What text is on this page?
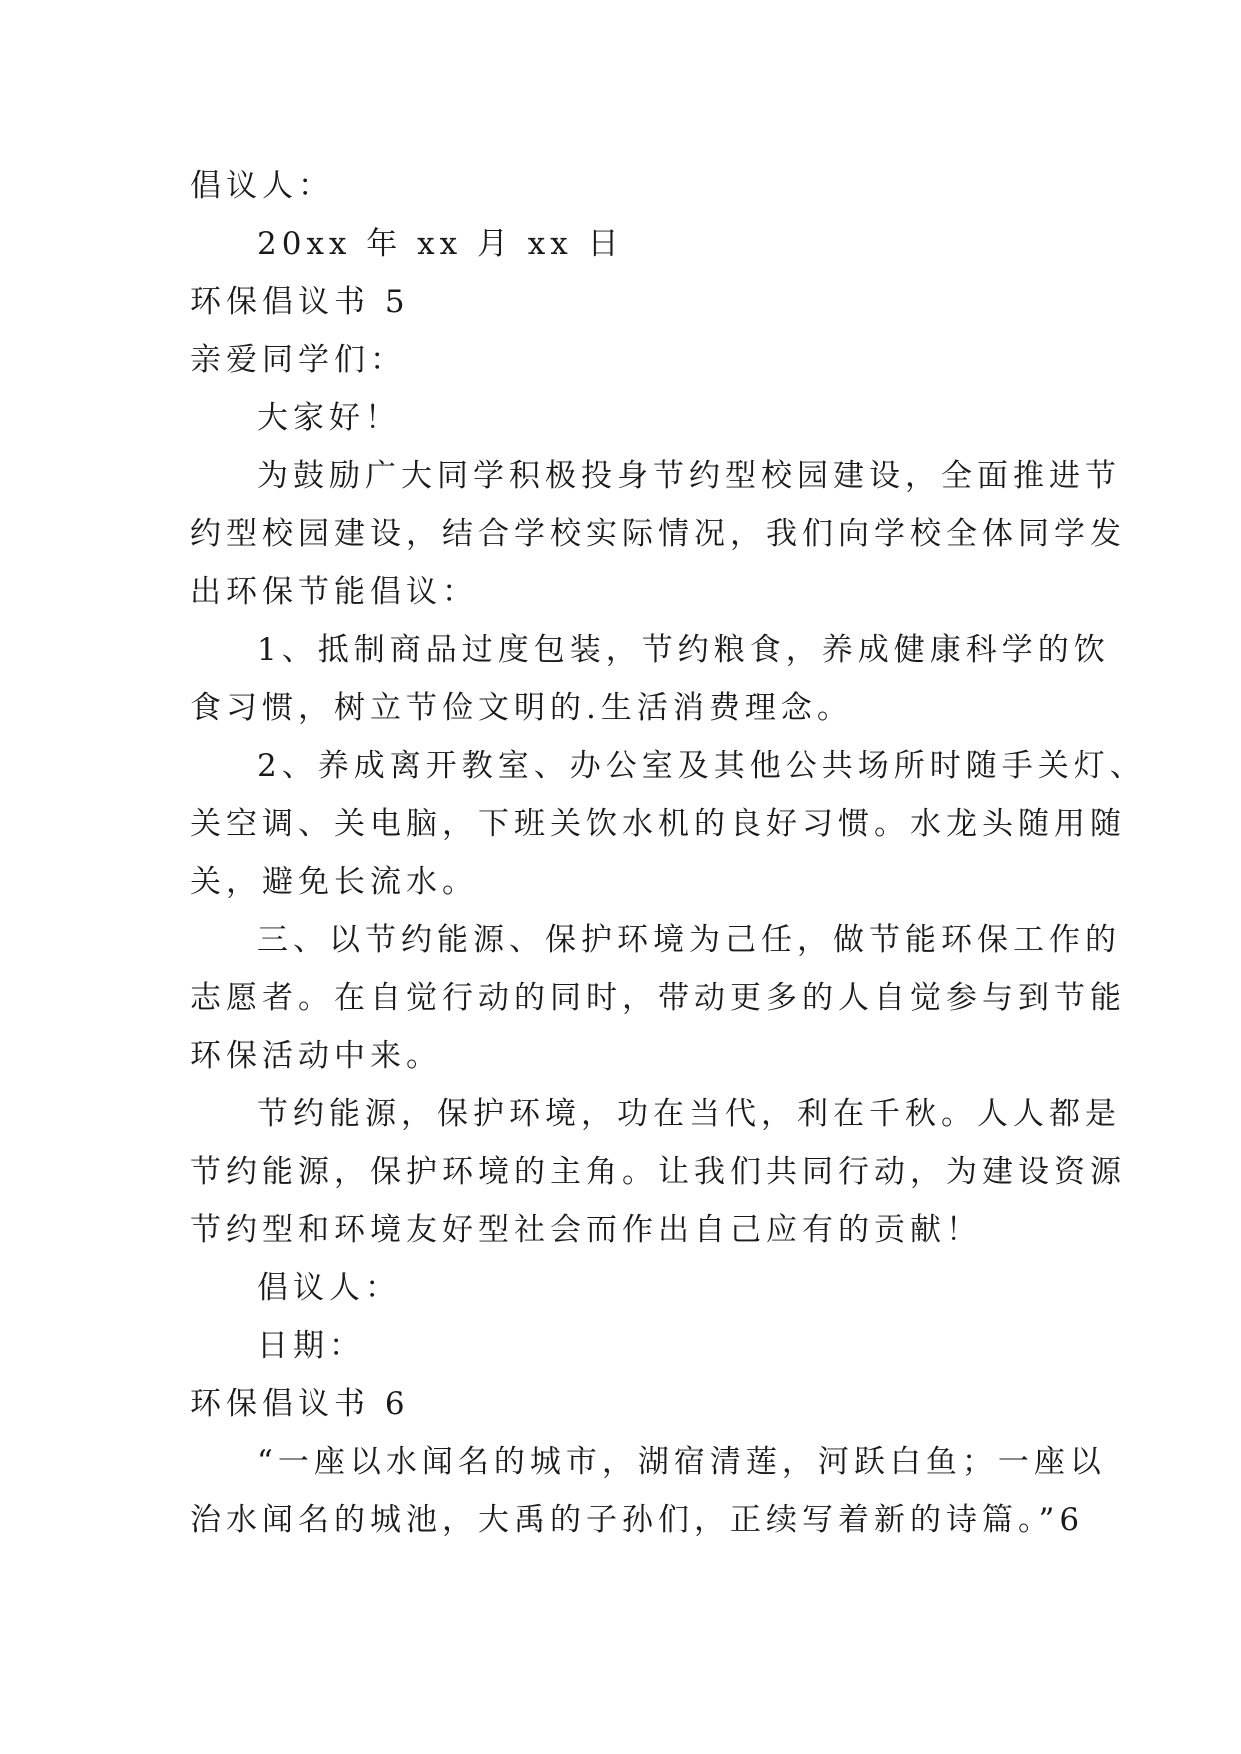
倡议人：
20xx 年 xx 月 xx 日
环保倡议书 5
亲爱同学们：
大家好！
为鼓励广大同学积极投身节约型校园建设，全面推进节
约型校园建设，结合学校实际情况，我们向学校全体同学发
出环保节能倡议：
1、抵制商品过度包装，节约粮食，养成健康科学的饮
食习惯，树立节俭文明的.生活消费理念。
2、养成离开教室、办公室及其他公共场所时随手关灯、
关空调、关电脑，下班关饮水机的良好习惯。水龙头随用随
关，避免长流水。
三、以节约能源、保护环境为己任，做节能环保工作的
志愿者。在自觉行动的同时，带动更多的人自觉参与到节能
环保活动中来。
节约能源，保护环境，功在当代，利在千秋。人人都是
节约能源，保护环境的主角。让我们共同行动，为建设资源
节约型和环境友好型社会而作出自己应有的贡献！
倡议人：
日期：
环保倡议书 6
“一座以水闻名的城市，湖宿清莲，河跃白鱼；一座以
治水闻名的城池，大禹的子孙们，正续写着新的诗篇。”6
